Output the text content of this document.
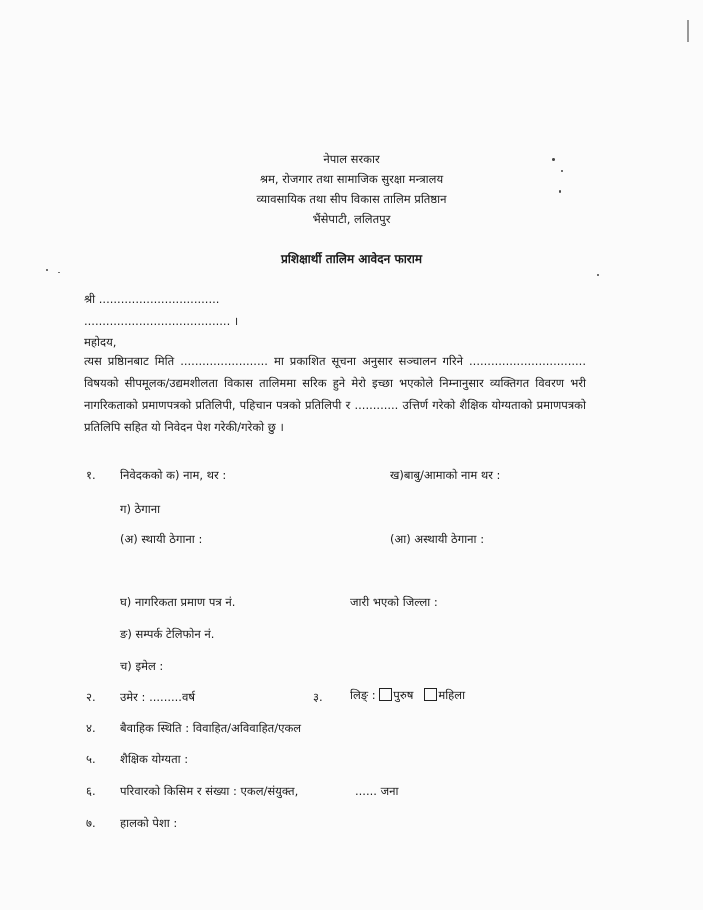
नेपाल सरकार
श्रम, रोजगार तथा सामाजिक सुरक्षा मन्त्रालय
व्यावसायिक तथा सीप विकास तालिम प्रतिष्ठान
भैंसेपाटी, ललितपुर
प्रशिक्षार्थी तालिम आवेदन फाराम
श्री .................................
........................................ ।
महोदय,
त्यस प्रष्ठिानबाट मिति ........................ मा प्रकाशित सूचना अनुसार सञ्चालन गरिने ................................ विषयको सीपमूलक/उद्यमशीलता विकास तालिममा सरिक हुने मेरो इच्छा भएकोले निम्नानुसार व्यक्तिगत विवरण भरी नागरिकताको प्रमाणपत्रको प्रतिलिपी, पहिचान पत्रको प्रतिलिपी र ............ उत्तिर्ण गरेको शैक्षिक योग्यताको प्रमाणपत्रको प्रतिलिपि सहित यो निवेदन पेश गरेकी/गरेको छु ।
१. निवेदकको क) नाम, थर :	ख)बाबु/आमाको नाम थर :
ग) ठेगाना
(अ) स्थायी ठेगाना :	(आ) अस्थायी ठेगाना :
घ) नागरिकता प्रमाण पत्र नं.	जारी भएको जिल्ला :
ङ) सम्पर्क टेलिफोन नं.
च) इमेल :
२. उमेर : .........वर्ष	३. लिङ्‍ : पुरुष महिला
४. बैवाहिक स्थिति : विवाहित/अविवाहित/एकल
५. शैक्षिक योग्यता :
६. परिवारको किसिम र संख्या : एकल/संयुक्त,	...... जना
७. हालको पेशा :
